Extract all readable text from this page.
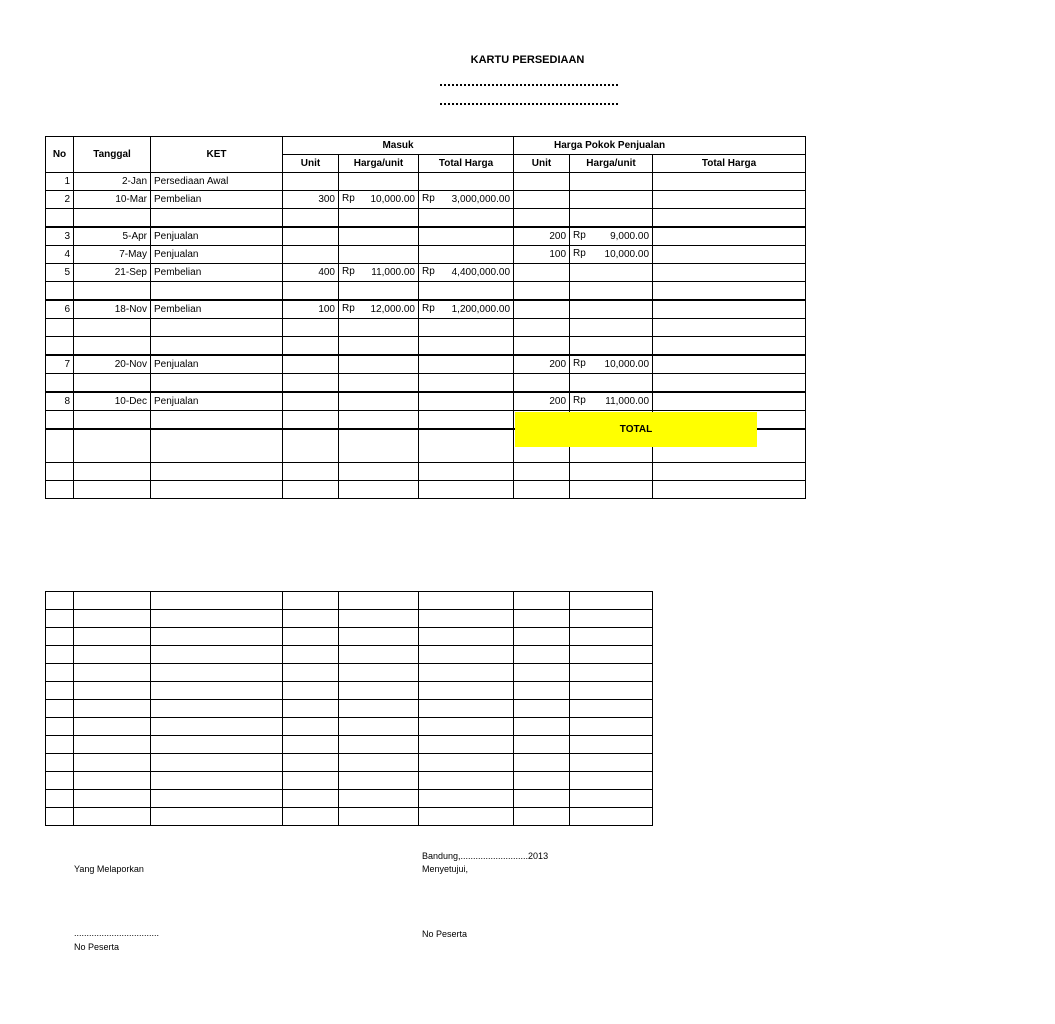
KARTU PERSEDIAAN
No	Tanggal	KET	Masuk			Harga Pokok Penjualan		
			Unit	Harga/unit	Total Harga	Unit	Harga/unit	Total Harga
1	2-Jan	Persediaan Awal						
2	10-Mar	Pembelian	300	Rp 10,000.00	Rp 3,000,000.00			

3	5-Apr	Penjualan				200	Rp 9,000.00	

4	7-May	Penjualan				100	Rp 10,000.00	

5	21-Sep	Pembelian	400	Rp 11,000.00	Rp 4,400,000.00			

6	18-Nov	Pembelian	100	Rp 12,000.00	Rp 1,200,000.00			

7	20-Nov	Penjualan				200	Rp 10,000.00	

8	10-Dec	Penjualan				200	Rp 11,000.00	

TOTAL

Yang Melaporkan
..................................
No Peserta
Bandung,...........................2013
Menyetujui,
No Peserta
